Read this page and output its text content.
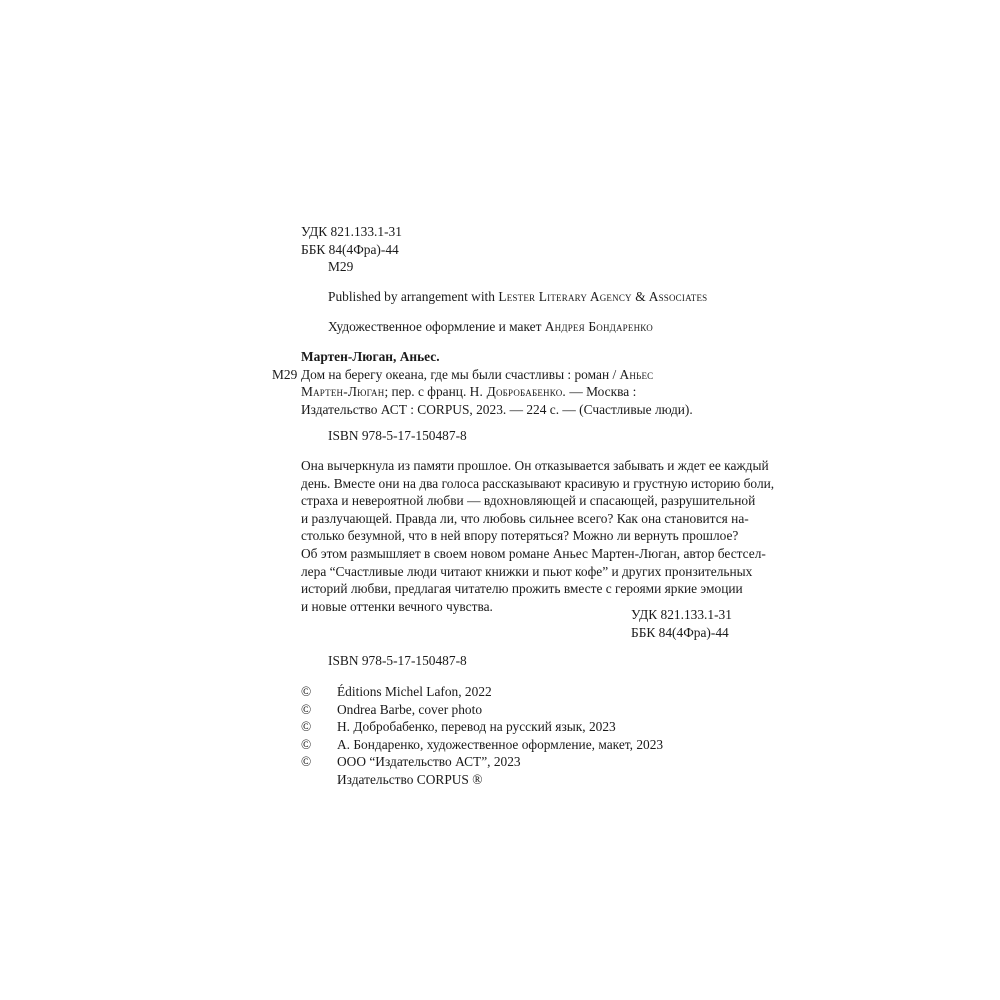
УДК 821.133.1-31
ББК 84(4Фра)-44
М29
Published by arrangement with Lester Literary Agency & Associates
Художественное оформление и макет Андрея Бондаренко
Мартен-Люган, Аньес.
Дом на берегу океана, где мы были счастливы : роман / Аньес
Мартен-Люган; пер. с франц. Н. Добробабенко. — Москва :
Издательство АСТ : CORPUS, 2023. — 224 с. — (Счастливые люди).
М29
ISBN 978-5-17-150487-8
Она вычеркнула из памяти прошлое. Он отказывается забывать и ждет ее каждый
день. Вместе они на два голоса рассказывают красивую и грустную историю боли,
страха и невероятной любви — вдохновляющей и спасающей, разрушительной
и разлучающей. Правда ли, что любовь сильнее всего? Как она становится на-
столько безумной, что в ней впору потеряться? Можно ли вернуть прошлое?
Об этом размышляет в своем новом романе Аньес Мартен-Люган, автор бестсел-
лера “Счастливые люди читают книжки и пьют кофе” и других пронзительных
историй любви, предлагая читателю прожить вместе с героями яркие эмоции
и новые оттенки вечного чувства.
УДК 821.133.1-31
ББК 84(4Фра)-44
ISBN 978-5-17-150487-8
© Éditions Michel Lafon, 2022
© Ondrea Barbe, cover photo
© Н. Добробабенко, перевод на русский язык, 2023
© А. Бондаренко, художественное оформление, макет, 2023
© ООО “Издательство АСТ”, 2023
Издательство CORPUS ®
